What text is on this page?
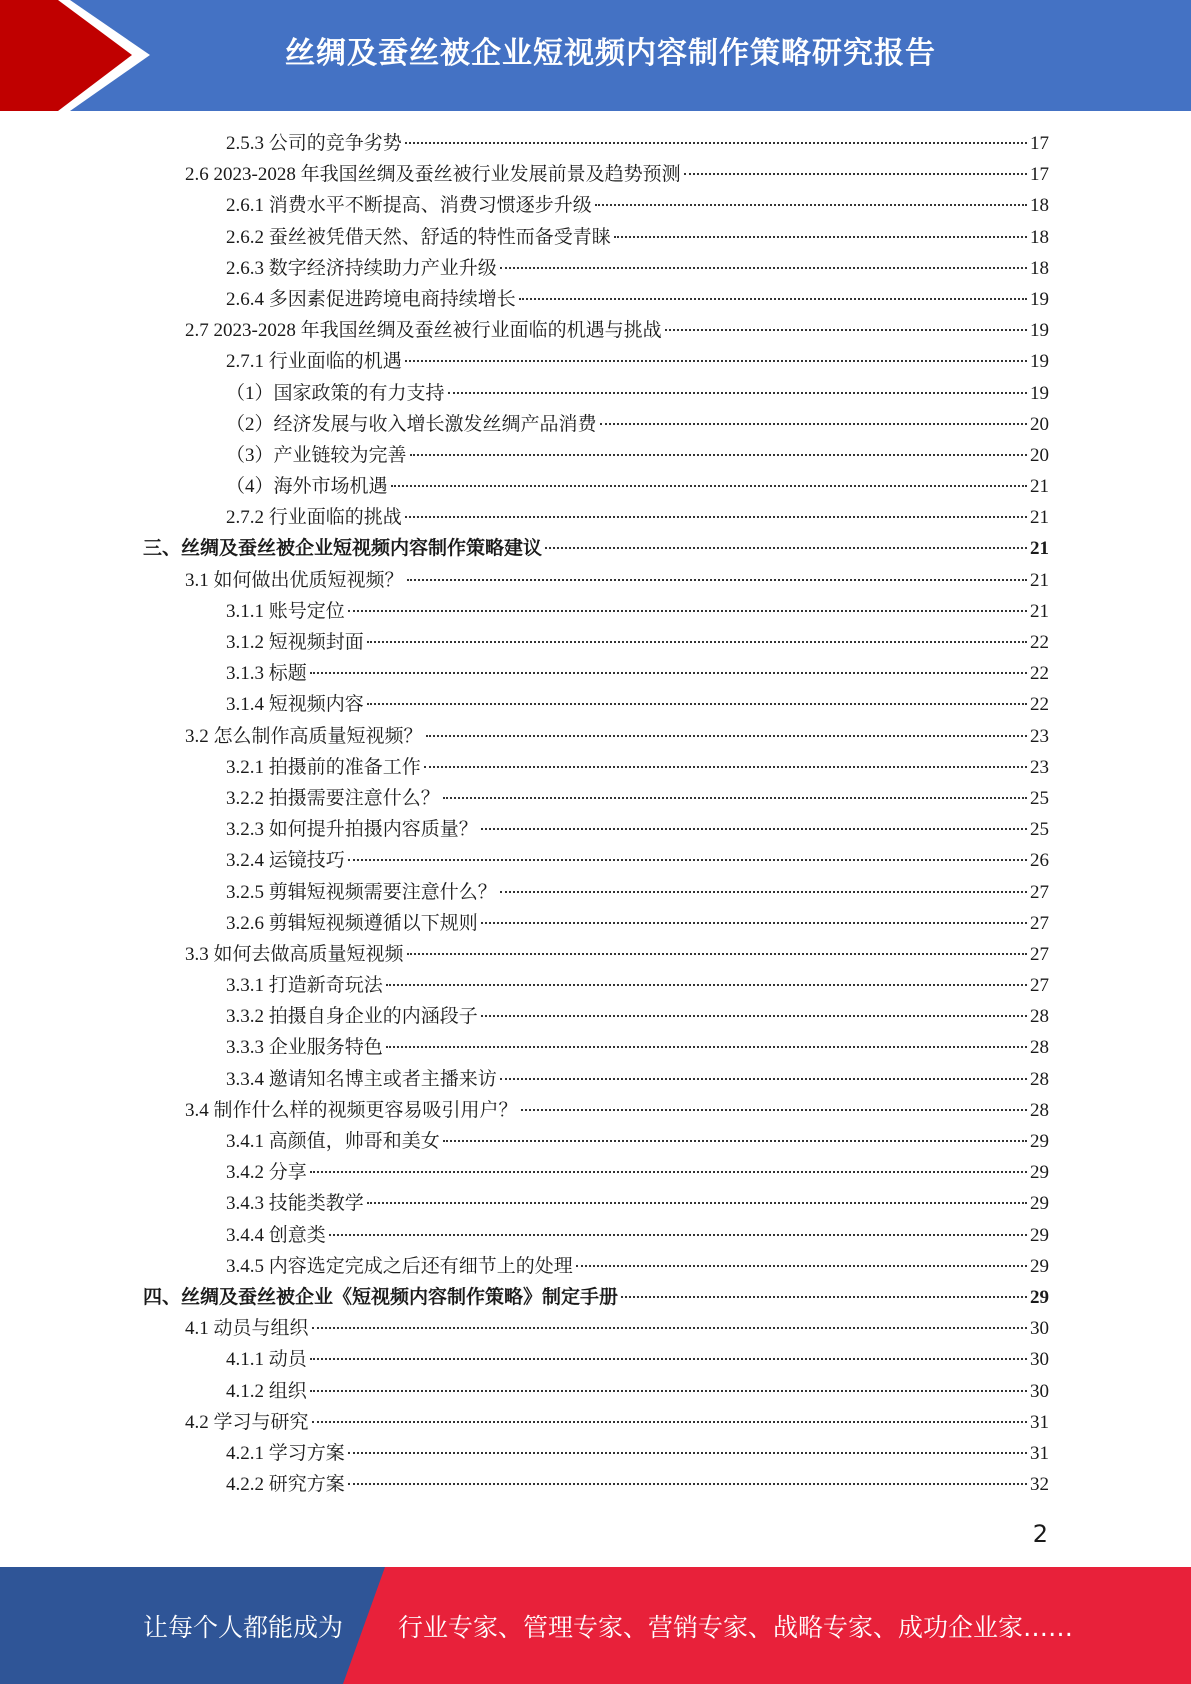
丝绸及蚕丝被企业短视频内容制作策略研究报告
2.5.3 公司的竞争劣势	17
2.6 2023-2028 年我国丝绸及蚕丝被行业发展前景及趋势预测	17
2.6.1 消费水平不断提高、消费习惯逐步升级	18
2.6.2 蚕丝被凭借天然、舒适的特性而备受青睐	18
2.6.3 数字经济持续助力产业升级	18
2.6.4 多因素促进跨境电商持续增长	19
2.7 2023-2028 年我国丝绸及蚕丝被行业面临的机遇与挑战	19
2.7.1 行业面临的机遇	19
（1）国家政策的有力支持	19
（2）经济发展与收入增长激发丝绸产品消费	20
（3）产业链较为完善	20
（4）海外市场机遇	21
2.7.2 行业面临的挑战	21
三、丝绸及蚕丝被企业短视频内容制作策略建议	21
3.1 如何做出优质短视频？	21
3.1.1 账号定位	21
3.1.2 短视频封面	22
3.1.3 标题	22
3.1.4 短视频内容	22
3.2 怎么制作高质量短视频？	23
3.2.1 拍摄前的准备工作	23
3.2.2 拍摄需要注意什么？	25
3.2.3 如何提升拍摄内容质量？	25
3.2.4 运镜技巧	26
3.2.5 剪辑短视频需要注意什么？	27
3.2.6 剪辑短视频遵循以下规则	27
3.3 如何去做高质量短视频	27
3.3.1 打造新奇玩法	27
3.3.2 拍摄自身企业的内涵段子	28
3.3.3 企业服务特色	28
3.3.4 邀请知名博主或者主播来访	28
3.4 制作什么样的视频更容易吸引用户？	28
3.4.1 高颜值，帅哥和美女	29
3.4.2 分享	29
3.4.3 技能类教学	29
3.4.4 创意类	29
3.4.5 内容选定完成之后还有细节上的处理	29
四、丝绸及蚕丝被企业《短视频内容制作策略》制定手册	29
4.1 动员与组织	30
4.1.1 动员	30
4.1.2 组织	30
4.2 学习与研究	31
4.2.1 学习方案	31
4.2.2 研究方案	32
2
让每个人都能成为 行业专家、管理专家、营销专家、战略专家、成功企业家……
